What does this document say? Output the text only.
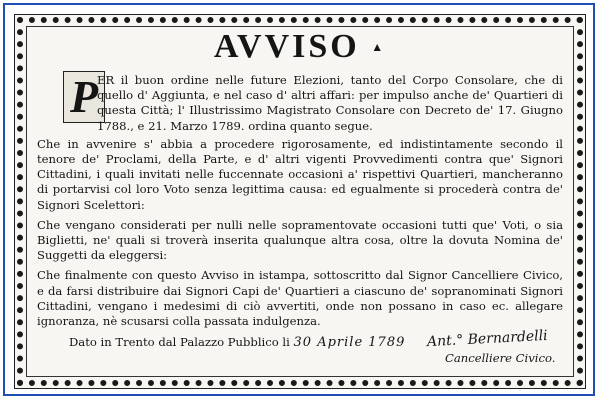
AVVISO ▲
P

ER il buon ordine nelle future Elezioni, tanto del Corpo Consolare, che di quello d' Aggiunta, e nel caso d' altri affari: per impulso anche de' Quartieri di questa Città; l' Illustrissimo Magistrato Consolare con Decreto de' 17. Giugno 1788., e 21. Marzo 1789. ordina quanto segue.

Che in avvenire s' abbia a procedere rigorosamente, ed indistintamente secondo il tenore de' Proclami, della Parte, e d' altri vigenti Provvedimenti contra que' Signori Cittadini, i quali invitati nelle fuccennate occasioni a' rispettivi Quartieri, mancheranno di portarvisi col loro Voto senza legittima causa: ed egualmente si procederà contra de' Signori Scelettori:

Che vengano considerati per nulli nelle sopramentovate occasioni tutti que' Voti, o sia Biglietti, ne' quali si troverà inserita qualunque altra cosa, oltre la dovuta Nomina de' Suggetti da eleggersi:

Che finalmente con questo Avviso in istampa, sottoscritto dal Signor Cancelliere Civico, e da farsi distribuire dai Signori Capi de' Quartieri a ciascuno de' sopranominati Signori Cittadini, vengano i medesimi di ciò avvertiti, onde non possano in caso ec. allegare ignoranza, nè scusarsi colla passata indulgenza.

Dato in Trento dal Palazzo Pubblico li 30 Aprile 1789	Ant.° Bernardelli
Cancelliere Civico.
